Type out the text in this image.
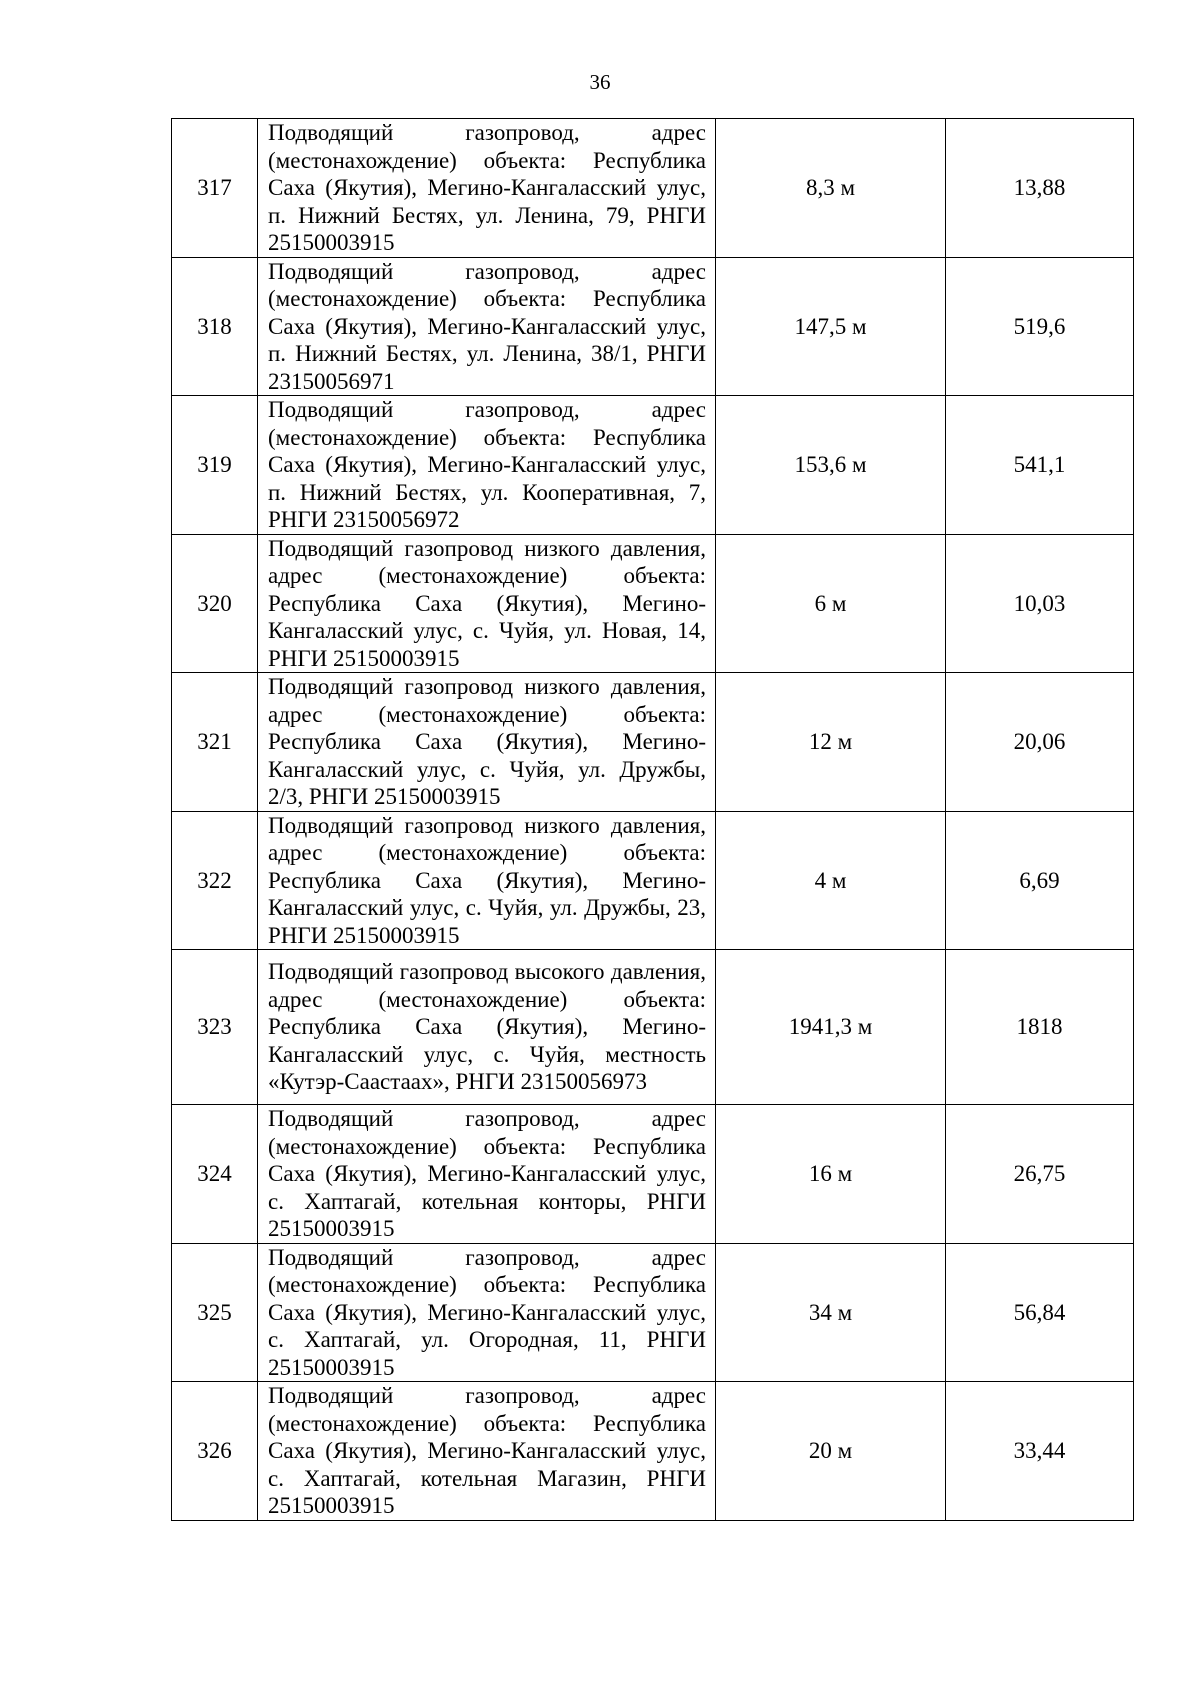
36
317	Подводящий газопровод, адрес (местонахождение) объекта: Республика Саха (Якутия), Мегино-Кангаласский улус, п. Нижний Бестях, ул. Ленина, 79, РНГИ 25150003915	8,3 м	13,88
318	Подводящий газопровод, адрес (местонахождение) объекта: Республика Саха (Якутия), Мегино-Кангаласский улус, п. Нижний Бестях, ул. Ленина, 38/1, РНГИ 23150056971	147,5 м	519,6
319	Подводящий газопровод, адрес (местонахождение) объекта: Республика Саха (Якутия), Мегино-Кангаласский улус, п. Нижний Бестях, ул. Кооперативная, 7, РНГИ 23150056972	153,6 м	541,1
320	Подводящий газопровод низкого давления, адрес (местонахождение) объекта: Республика Саха (Якутия), Мегино-Кангаласский улус, с. Чуйя, ул. Новая, 14, РНГИ 25150003915	6 м	10,03
321	Подводящий газопровод низкого давления, адрес (местонахождение) объекта: Республика Саха (Якутия), Мегино-Кангаласский улус, с. Чуйя, ул. Дружбы, 2/3, РНГИ 25150003915	12 м	20,06
322	Подводящий газопровод низкого давления, адрес (местонахождение) объекта: Республика Саха (Якутия), Мегино-Кангаласский улус, с. Чуйя, ул. Дружбы, 23, РНГИ 25150003915	4 м	6,69
323	Подводящий газопровод высокого давления, адрес (местонахождение) объекта: Республика Саха (Якутия), Мегино-Кангаласский улус, с. Чуйя, местность «Кутэр-Саастаах», РНГИ 23150056973	1941,3 м	1818
324	Подводящий газопровод, адрес (местонахождение) объекта: Республика Саха (Якутия), Мегино-Кангаласский улус, с. Хаптагай, котельная конторы, РНГИ 25150003915	16 м	26,75
325	Подводящий газопровод, адрес (местонахождение) объекта: Республика Саха (Якутия), Мегино-Кангаласский улус, с. Хаптагай, ул. Огородная, 11, РНГИ 25150003915	34 м	56,84
326	Подводящий газопровод, адрес (местонахождение) объекта: Республика Саха (Якутия), Мегино-Кангаласский улус, с. Хаптагай, котельная Магазин, РНГИ 25150003915	20 м	33,44
